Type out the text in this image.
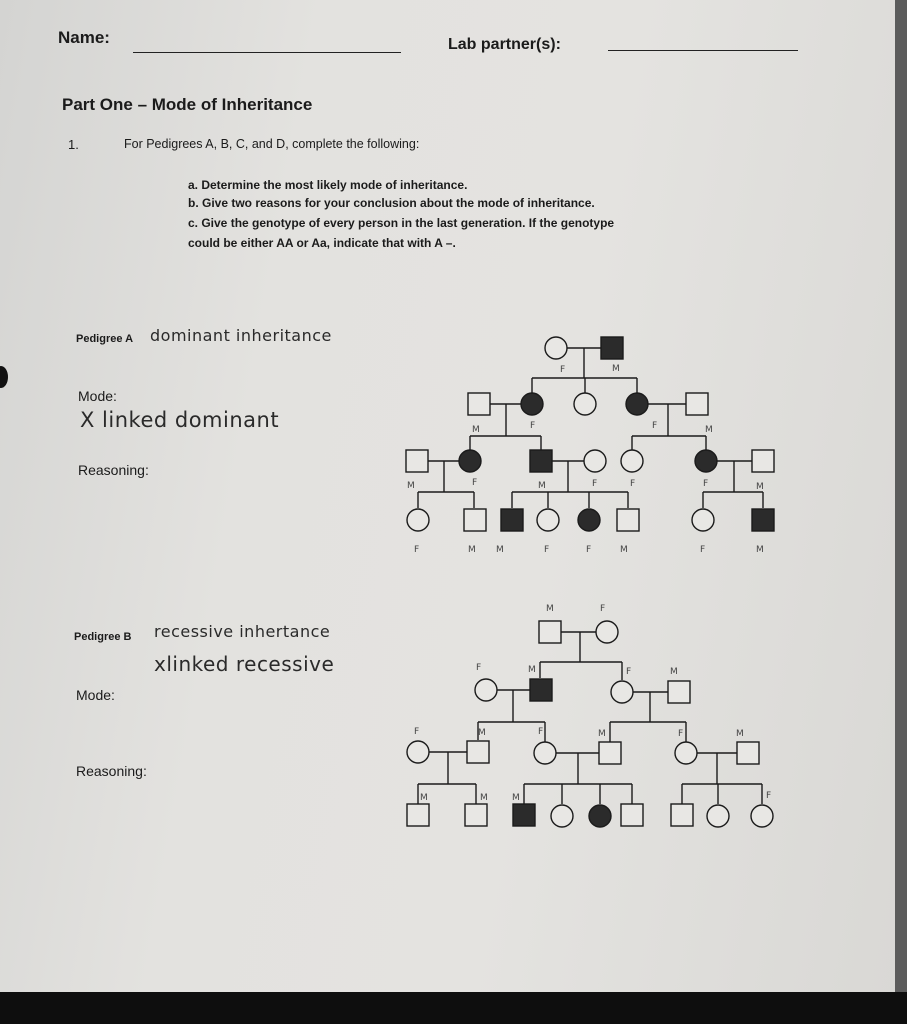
Name:	Lab partner(s):

Part One – Mode of Inheritance

1.	For Pedigrees A, B, C, and D, complete the following:

a. Determine the most likely mode of inheritance.

b. Give two reasons for your conclusion about the mode of inheritance.

c. Give the genotype of every person in the last generation. If the genotype

could be either AA or Aa, indicate that with A –.

Pedigree A dominant inheritance

Mode:

X linked dominant

Reasoning:

Pedigree B recessive inhertance

xlinked recessive

Mode:

Reasoning:

F	M
M	F	F	M
M	F	M	F	F	F	M
F	M M	F	F	M	F	M
M	F
F	M	F	M
F	M	F	M	F	M
M	M	M	F
